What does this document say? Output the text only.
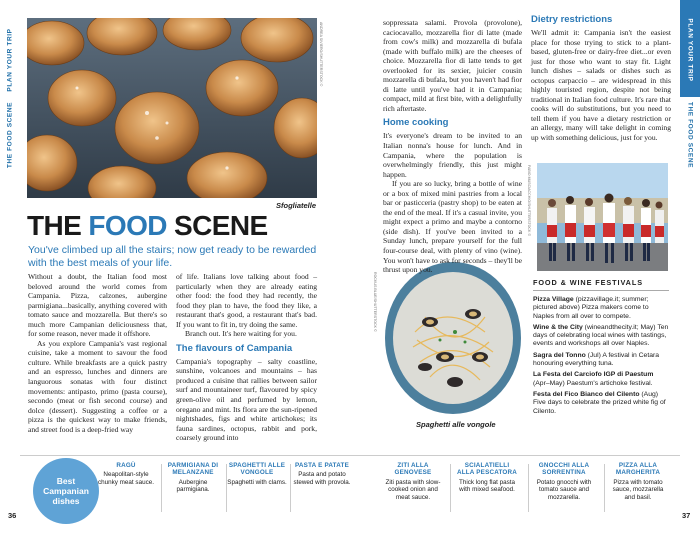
PLAN YOUR TRIP
THE FOOD SCENE
PLAN YOUR TRIP
THE FOOD SCENE
ANDREA SIVIERO/SHUTTERSTOCK ©
Sfogliatelle
THE FOOD SCENE
You've climbed up all the stairs; now get ready to be rewarded with the best meals of your life.

Without a doubt, the Italian food most beloved around the world comes from Campania. Pizza, calzones, aubergine parmigiana...basically, anything covered with tomato sauce and mozzarella. But there's so much more Campanian deliciousness that, for some reason, never made it offshore.

As you explore Campania's vast regional cuisine, take a moment to savour the food culture. While breakfasts are a quick pastry and an espresso, lunches and dinners are languorous sonatas with four distinct movements: antipasto, primo (pasta course), secondo (meat or fish second course) and dolce (dessert). Suggesting a coffee or a pizza is the quickest way to make friends, and street food is a deep-fried way

of life. Italians love talking about food – particularly when they are already eating other food: the food they had recently, the food they plan to have, the food they like, a restaurant that's good, a restaurant that's bad. If you want to fit in, try doing the same.

Branch out. It's here waiting for you.

The flavours of Campania

Campania's topography – salty coastline, sunshine, volcanoes and mountains – has produced a cuisine that rallies between sailor surf and mountaineer turf, flavoured by spicy green-olive oil and perfumed by lemon, oregano and mint. Its flora are the sun-ripened nightshades, figs and white artichokes; its fauna sardines, octopus, rabbit and pork, coarsely ground into

ROCKUS BLUE/SHUTTERSTOCK ©
Spaghetti alle vongole

soppressata salami. Provola (provolone), caciocavallo, mozzarella fior di latte (made from cow's milk) and mozzarella di bufala (made with buffalo milk) are the cheeses of choice. Mozzarella fior di latte tends to get overlooked for its sexier, juicier cousin mozzarella di bufala, but you haven't had fior di latte until you've had it in Campania; compact, mild at first bite, with a delightfully rich aftertaste.

Home cooking

It's everyone's dream to be invited to an Italian nonna's house for lunch. And in Campania, where the population is overwhelmingly friendly, this just might happen.

If you are so lucky, bring a bottle of wine or a box of mixed mini pastries from a local bar or pasticceria (pastry shop) to be eaten at the end of the meal. If it's a casual invite, you might expect a primo and maybe a contorno (side dish). If you've been invited to a Sunday lunch, prepare yourself for the full four-course deal, with plenty of vino (wine). You won't have to ask for seconds – they'll be thrust upon you.

Dietry restrictions

We'll admit it: Campania isn't the easiest place for those trying to stick to a plant-based, gluten-free or dairy-free diet...or even just for those who want to stay fit. Light lunch dishes – salads or dishes such as octopus carpaccio – are widespread in this highly touristed region, despite not being traditional in Italian food culture. It's rare that cooks will do substitutions, but you need to tell them if you have a dietary restriction or an allergy, many will take delight in coming up with something delicious, just for you.

FABIO MUSCIACCHIO/SHUTTERSTOCK ©
FOOD & WINE FESTIVALS
Pizza Village (pizzavillage.it; summer; pictured above) Pizza makers come to Naples from all over to compete.
Wine & the City (wineandthecity.it; May) Ten days of celebrating local wines with tastings, events and workshops all over Naples.
Sagra del Tonno (Jul) A festival in Cetara honouring everything tuna.
La Festa del Carciofo IGP di Paestum (Apr–May) Paestum's artichoke festival.
Festa del Fico Bianco del Cilento (Aug) Five days to celebrate the prized white fig of Cilento.
Best Campanian dishes
RAGÙ
Neapolitan-style chunky meat sauce.
PARMIGIANA DI MELANZANE
Aubergine parmigiana.
SPAGHETTI ALLE VONGOLE
Spaghetti with clams.
PASTA E PATATE
Pasta and potato stewed with provola.
ZITI ALLA GENOVESE
Ziti pasta with slow-cooked onion and meat sauce.
SCIALATIELLI ALLA PESCATORA
Thick long flat pasta with mixed seafood.
GNOCCHI ALLA SORRENTINA
Potato gnocchi with tomato sauce and mozzarella.
PIZZA ALLA MARGHERITA
Pizza with tomato sauce, mozzarella and basil.
36	37
